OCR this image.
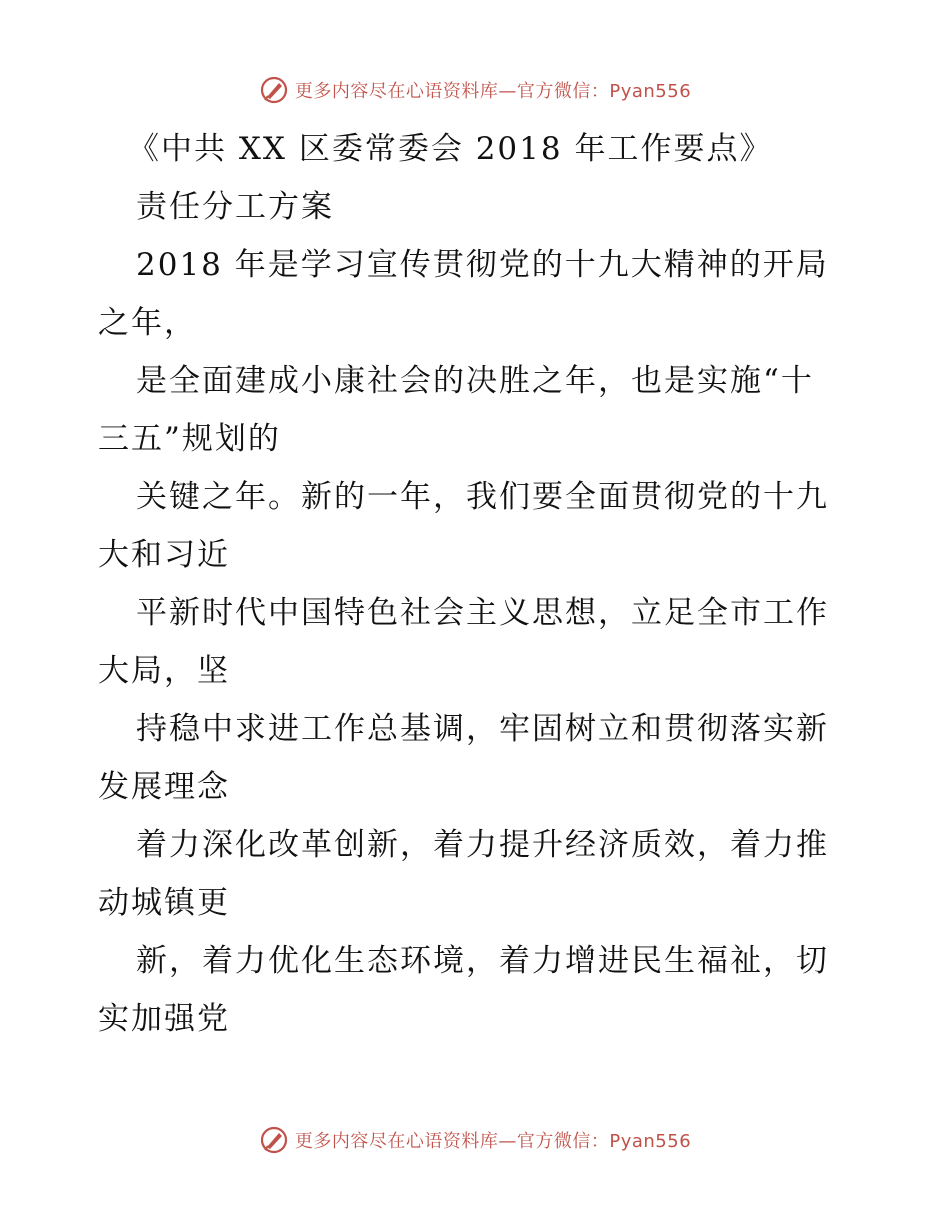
更多内容尽在心语资料库—官方微信：Pyan556
《中共 XX 区委常委会 2018 年工作要点》
责任分工方案
2018 年是学习宣传贯彻党的十九大精神的开局
之年，
是全面建成小康社会的决胜之年，也是实施“十
三五”规划的
关键之年。新的一年，我们要全面贯彻党的十九
大和习近
平新时代中国特色社会主义思想，立足全市工作
大局，坚
持稳中求进工作总基调，牢固树立和贯彻落实新
发展理念
着力深化改革创新，着力提升经济质效，着力推
动城镇更
新，着力优化生态环境，着力增进民生福祉，切
实加强党
更多内容尽在心语资料库—官方微信：Pyan556
